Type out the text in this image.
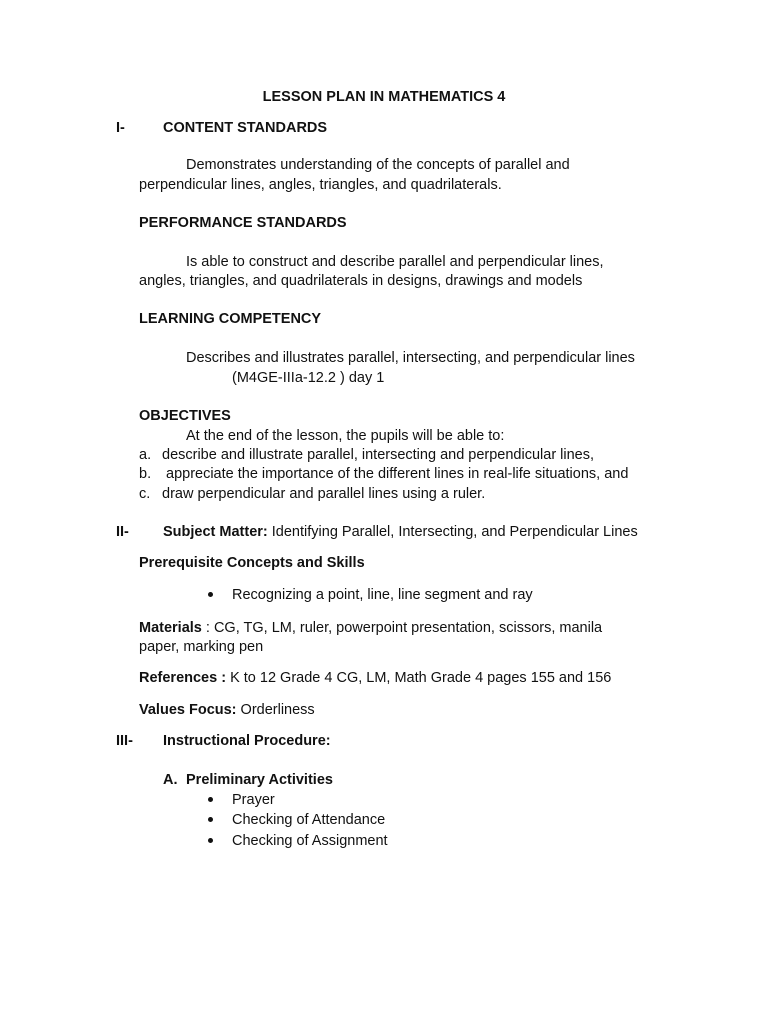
LESSON PLAN IN MATHEMATICS 4
I-	CONTENT STANDARDS
Demonstrates understanding of the concepts of parallel and
perpendicular lines, angles, triangles, and quadrilaterals.
PERFORMANCE STANDARDS
Is able to construct and describe parallel and perpendicular lines,
angles, triangles, and quadrilaterals in designs, drawings and models
LEARNING COMPETENCY
Describes and illustrates parallel, intersecting, and perpendicular lines
(M4GE-IIIa-12.2 ) day 1
OBJECTIVES
At the end of the lesson, the pupils will be able to:
a. describe and illustrate parallel, intersecting and perpendicular lines,
b. appreciate the importance of the different lines in real-life situations, and
c. draw perpendicular and parallel lines using a ruler.
II- Subject Matter: Identifying Parallel, Intersecting, and Perpendicular Lines
Prerequisite Concepts and Skills
Recognizing a point, line, line segment and ray
Materials : CG, TG, LM, ruler, powerpoint presentation, scissors, manila
paper, marking pen
References : K to 12 Grade 4 CG, LM, Math Grade 4 pages 155 and 156
Values Focus: Orderliness
III- Instructional Procedure:
A. Preliminary Activities
Prayer
Checking of Attendance
Checking of Assignment
